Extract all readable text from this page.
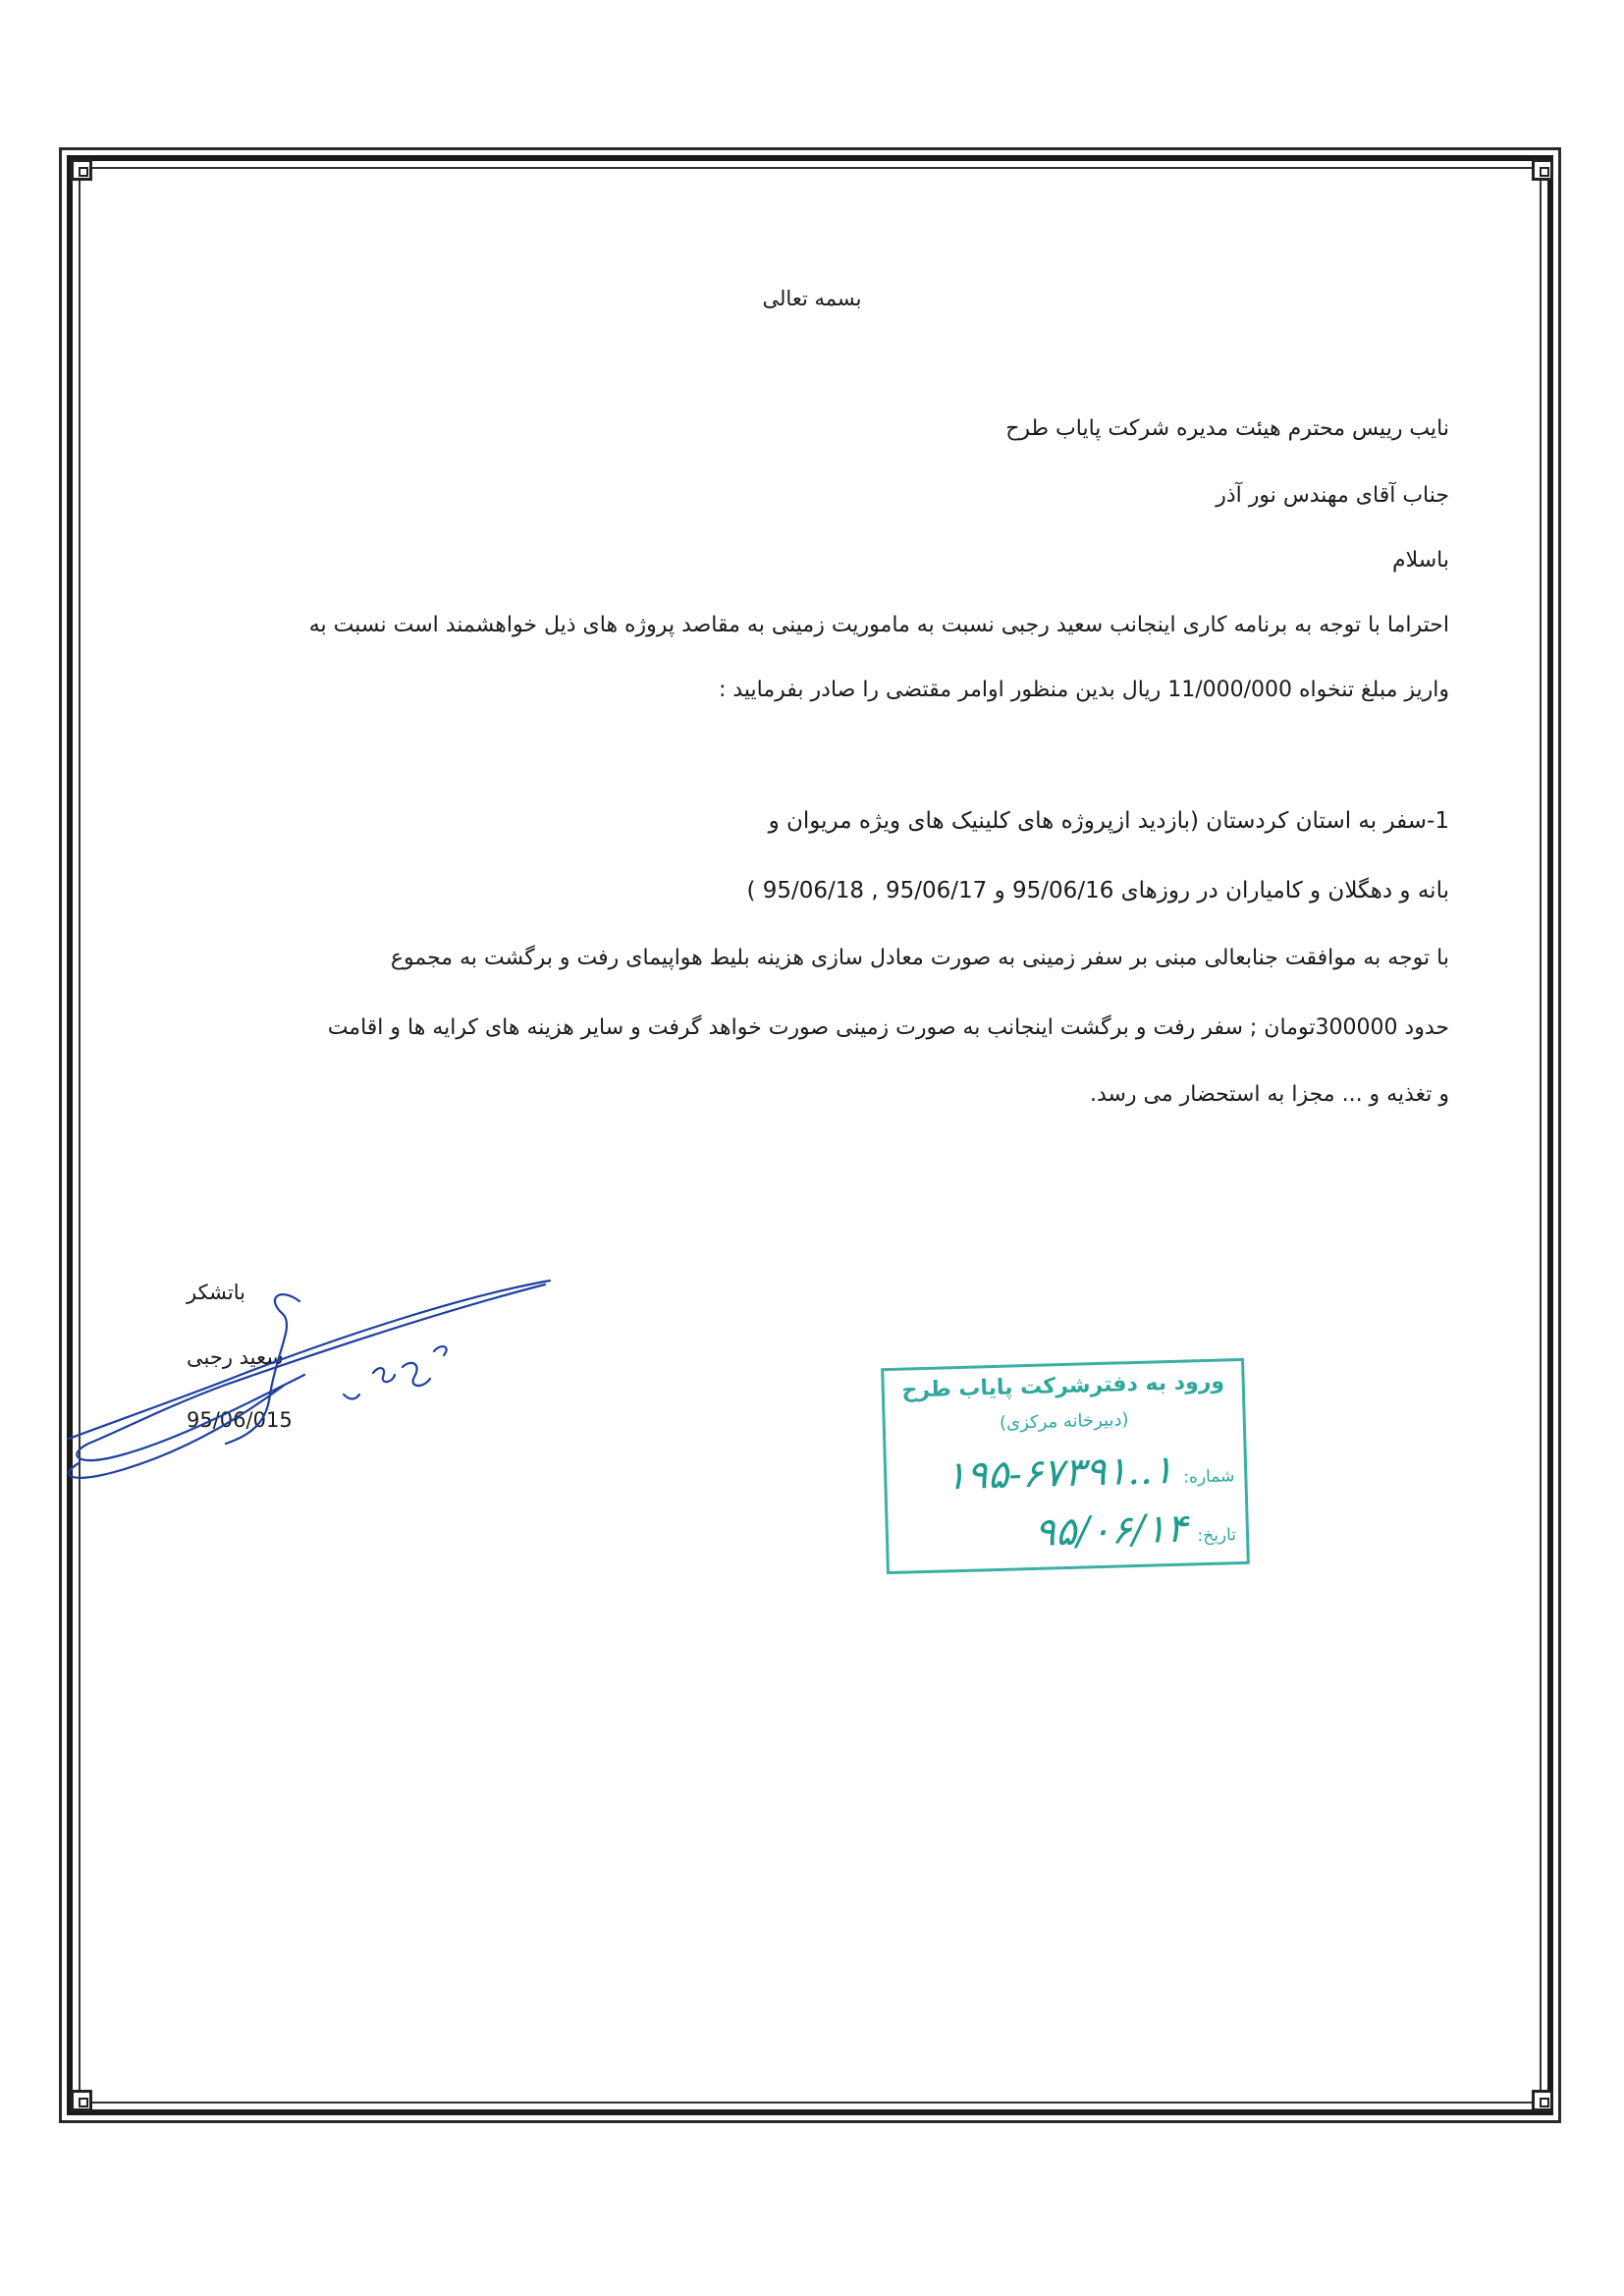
بسمه تعالی
نایب رییس محترم هیئت مدیره شرکت پایاب طرح
جناب آقای مهندس نور آذر
باسلام
احتراما با توجه به برنامه کاری اینجانب سعید رجبی نسبت به ماموریت زمینی به مقاصد پروژه های ذیل خواهشمند است نسبت به
واریز مبلغ تنخواه 11/000/000 ریال بدین منظور اوامر مقتضی را صادر بفرمایید :
1-سفر به استان کردستان (بازدید ازپروژه های کلینیک های ویژه مریوان و
بانه و دهگلان و کامیاران در روزهای 95/06/16 و 95/06/17 , 95/06/18 )
با توجه به موافقت جنابعالی مبنی بر سفر زمینی به صورت معادل سازی هزینه بلیط هواپیمای رفت و برگشت به مجموع
حدود 300000تومان ; سفر رفت و برگشت اینجانب به صورت زمینی صورت خواهد گرفت و سایر هزینه های کرایه ها و اقامت
و تغذیه و ... مجزا به استحضار می رسد.
باتشکر
سعید رجبی
95/06/015
ورود به دفترشرکت پایاب طرح
(دبیرخانه مرکزی)
شماره:
۱..۱۹۵-۶۷۳۹۱
تاریخ:
۹۵/۰۶/۱۴
